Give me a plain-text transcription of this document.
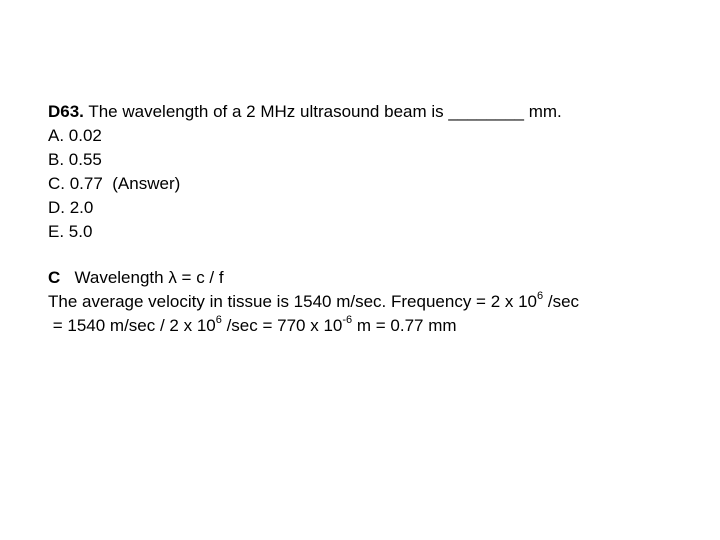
D63. The wavelength of a 2 MHz ultrasound beam is ________ mm.
A. 0.02
B. 0.55
C. 0.77  (Answer)
D. 2.0
E. 5.0
C   Wavelength λ = c / f
The average velocity in tissue is 1540 m/sec. Frequency = 2 x $10^6$ /sec
= 1540 m/sec / 2 x $10^6$ /sec = 770 x $10^{-6}$ m = 0.77 mm
